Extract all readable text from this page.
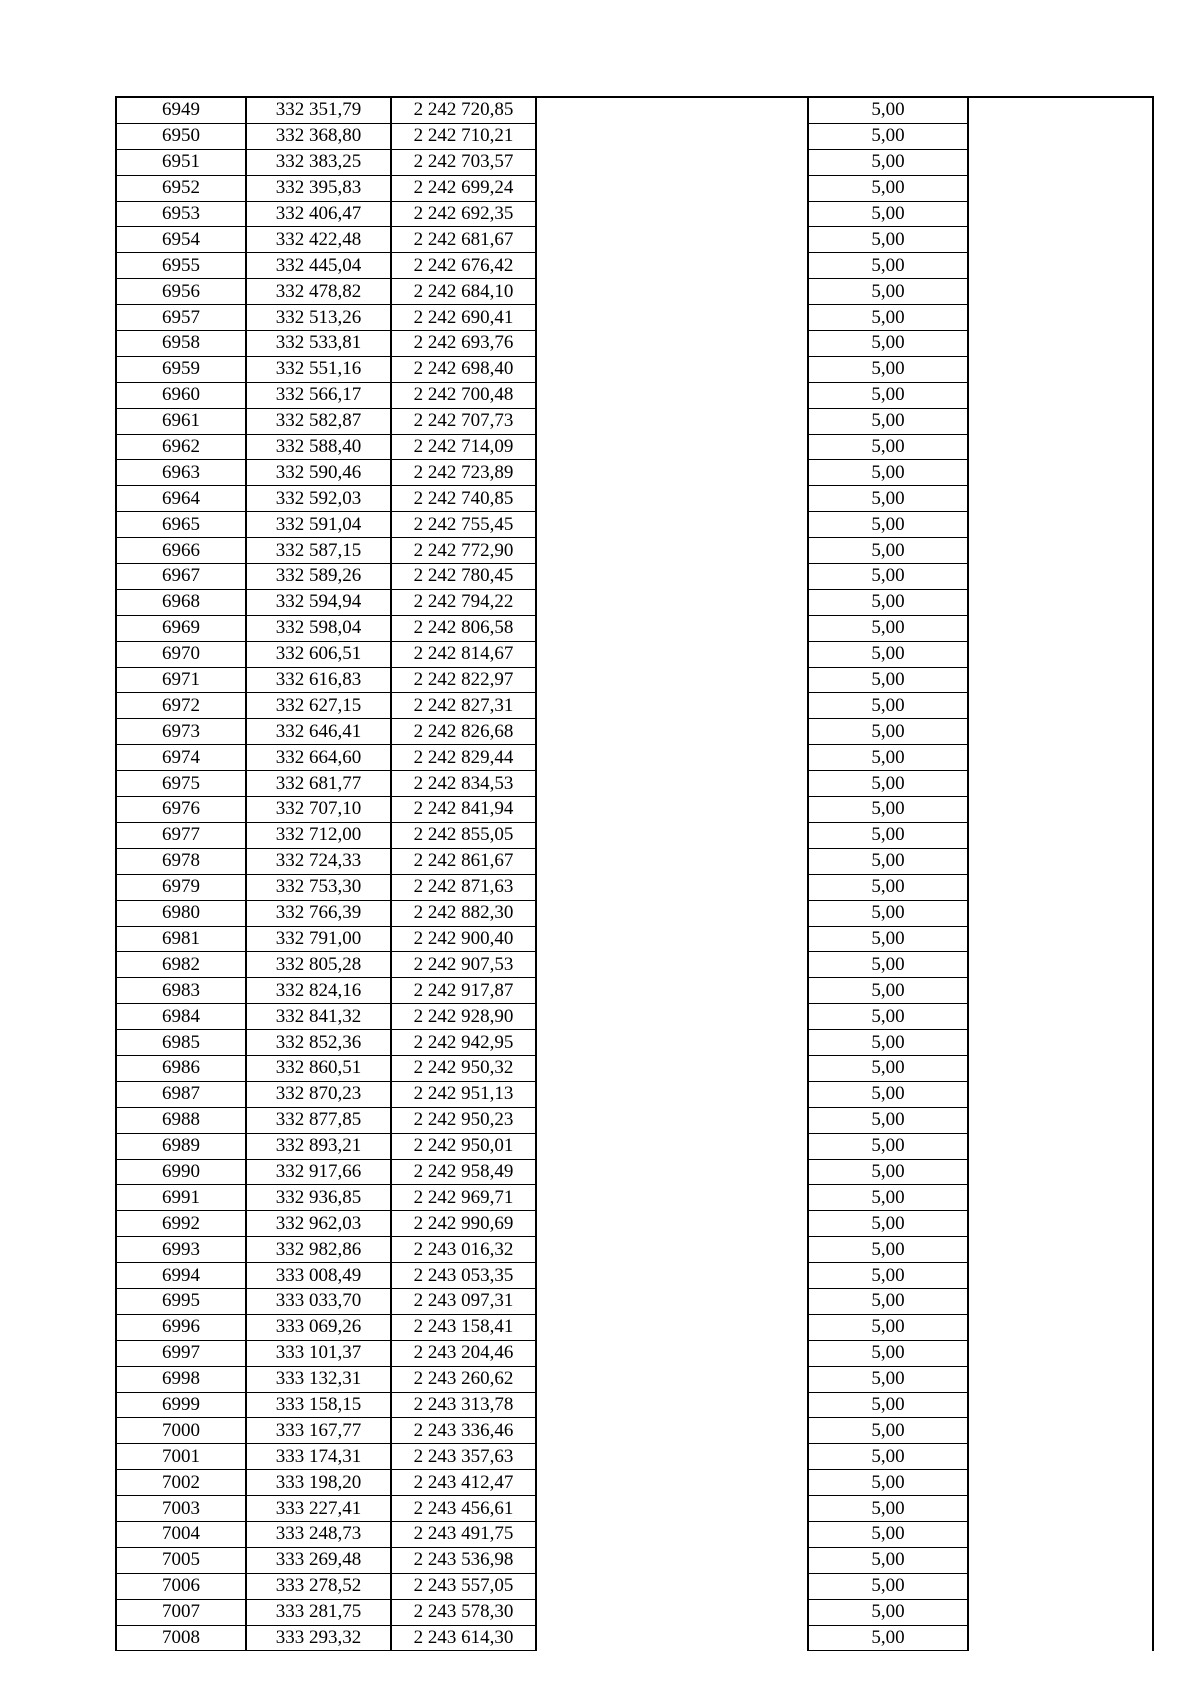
6949	332 351,79	2 242 720,85		5,00	
6950	332 368,80	2 242 710,21		5,00	
6951	332 383,25	2 242 703,57		5,00	
6952	332 395,83	2 242 699,24		5,00	
6953	332 406,47	2 242 692,35		5,00	
6954	332 422,48	2 242 681,67		5,00	
6955	332 445,04	2 242 676,42		5,00	
6956	332 478,82	2 242 684,10		5,00	
6957	332 513,26	2 242 690,41		5,00	
6958	332 533,81	2 242 693,76		5,00	
6959	332 551,16	2 242 698,40		5,00	
6960	332 566,17	2 242 700,48		5,00	
6961	332 582,87	2 242 707,73		5,00	
6962	332 588,40	2 242 714,09		5,00	
6963	332 590,46	2 242 723,89		5,00	
6964	332 592,03	2 242 740,85		5,00	
6965	332 591,04	2 242 755,45		5,00	
6966	332 587,15	2 242 772,90		5,00	
6967	332 589,26	2 242 780,45		5,00	
6968	332 594,94	2 242 794,22		5,00	
6969	332 598,04	2 242 806,58		5,00	
6970	332 606,51	2 242 814,67		5,00	
6971	332 616,83	2 242 822,97		5,00	
6972	332 627,15	2 242 827,31		5,00	
6973	332 646,41	2 242 826,68		5,00	
6974	332 664,60	2 242 829,44		5,00	
6975	332 681,77	2 242 834,53		5,00	
6976	332 707,10	2 242 841,94		5,00	
6977	332 712,00	2 242 855,05		5,00	
6978	332 724,33	2 242 861,67		5,00	
6979	332 753,30	2 242 871,63		5,00	
6980	332 766,39	2 242 882,30		5,00	
6981	332 791,00	2 242 900,40		5,00	
6982	332 805,28	2 242 907,53		5,00	
6983	332 824,16	2 242 917,87		5,00	
6984	332 841,32	2 242 928,90		5,00	
6985	332 852,36	2 242 942,95		5,00	
6986	332 860,51	2 242 950,32		5,00	
6987	332 870,23	2 242 951,13		5,00	
6988	332 877,85	2 242 950,23		5,00	
6989	332 893,21	2 242 950,01		5,00	
6990	332 917,66	2 242 958,49		5,00	
6991	332 936,85	2 242 969,71		5,00	
6992	332 962,03	2 242 990,69		5,00	
6993	332 982,86	2 243 016,32		5,00	
6994	333 008,49	2 243 053,35		5,00	
6995	333 033,70	2 243 097,31		5,00	
6996	333 069,26	2 243 158,41		5,00	
6997	333 101,37	2 243 204,46		5,00	
6998	333 132,31	2 243 260,62		5,00	
6999	333 158,15	2 243 313,78		5,00	
7000	333 167,77	2 243 336,46		5,00	
7001	333 174,31	2 243 357,63		5,00	
7002	333 198,20	2 243 412,47		5,00	
7003	333 227,41	2 243 456,61		5,00	
7004	333 248,73	2 243 491,75		5,00	
7005	333 269,48	2 243 536,98		5,00	
7006	333 278,52	2 243 557,05		5,00	
7007	333 281,75	2 243 578,30		5,00	
7008	333 293,32	2 243 614,30		5,00	
